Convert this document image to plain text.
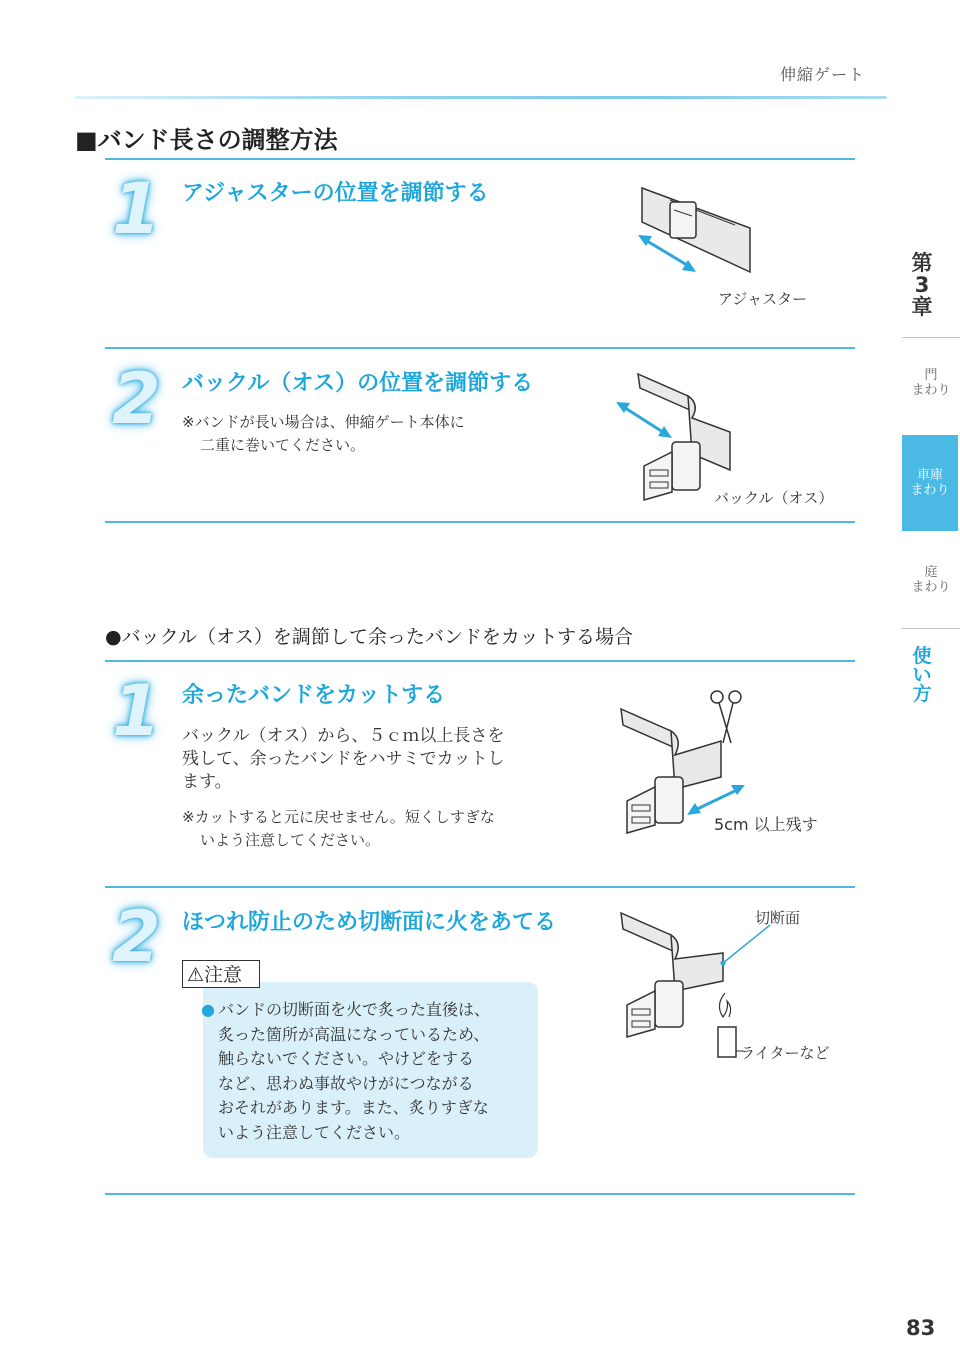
伸縮ゲート
■バンド長さの調整方法
1 アジャスターの位置を調節する
アジャスター
2 バックル（オス）の位置を調節する
※バンドが長い場合は、伸縮ゲート本体に
二重に巻いてください。
バックル（オス）
●バックル（オス）を調節して余ったバンドをカットする場合
1 余ったバンドをカットする
バックル（オス）から、５ｃｍ以上長さを
残して、余ったバンドをハサミでカットし
ます。
※カットすると元に戻せません。短くしすぎな
いよう注意してください。
5cm 以上残す
2 ほつれ防止のため切断面に火をあてる
⚠注意
● バンドの切断面を火で炙った直後は、
炙った箇所が高温になっているため、
触らないでください。やけどをする
など、思わぬ事故やけがにつながる
おそれがあります。また、炙りすぎな
いよう注意してください。
切断面
ライターなど
第
3
章
門
まわり
車庫
まわり
庭
まわり
使
い
方
83
